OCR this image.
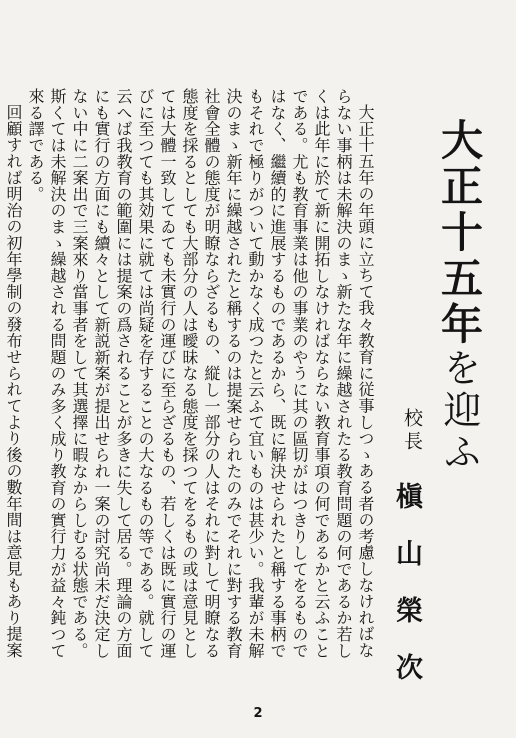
大正十五年を迎ふ
校長
槇山榮次

大正十五年の年頭に立ちて我々教育に従事しつゝある者の考慮しなければならない事柄は未解決のまゝ新たな年に繰越されたる教育問題の何であるか若しくは此年に於て新に開拓しなければならない教育事項の何であるかと云ふことである。尤も教育事業は他の事業のやうに其の區切がはつきりしてをるものではなく、繼續的に進展するものであるから、既に解決せられたと稱する事柄でもそれで極りがついて動かなく成つたと云ふて宜いものは甚少い。我輩が未解決のまゝ新年に繰越されたと稱するのは提案せられたのみでそれに對する教育社會全體の態度が明瞭ならざるもの、縦し一部分の人はそれに對して明瞭なる態度を採るとしても大部分の人は曖昧なる態度を採つてをるもの或は意見としては大體一致してゐても未實行の運びに至らざるもの、若しくは既に實行の運びに至つても其効果に就ては尚疑を存することの大なるもの等である。就して云へば我教育の範圍には提案の爲されることが多きに失して居る。理論の方面にも實行の方面にも續々として新説新案が提出せられ一案の討究尚未だ決定しない中に二案出で三案來り當事者をして其選擇に暇なからしむる状態である。斯くては未解決のまゝ繰越される問題のみ多く成り教育の實行力が益々鈍つて來る譯である。

回顧すれば明治の初年學制の發布せられてより後の數年間は意見もあり提案

2
